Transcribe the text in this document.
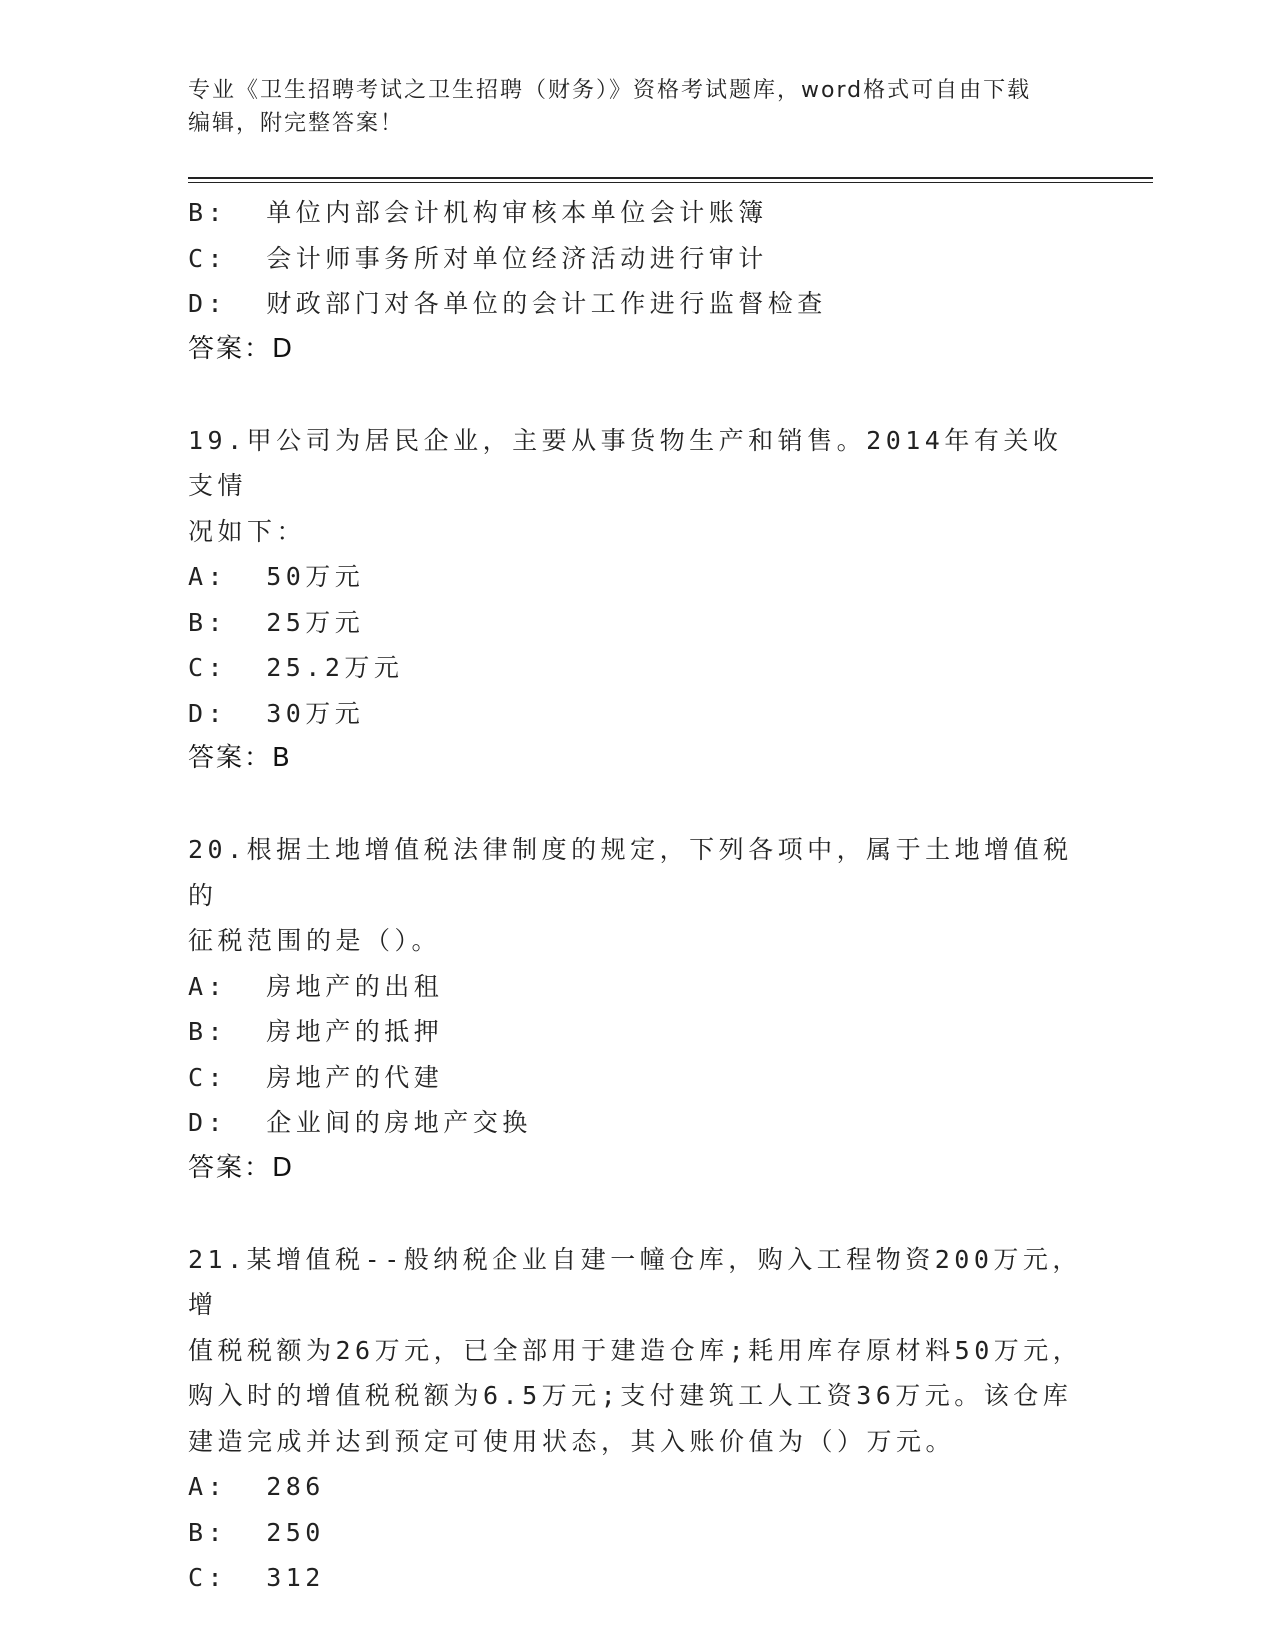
专业《卫生招聘考试之卫生招聘（财务）》资格考试题库，word格式可自由下载
编辑，附完整答案！
B:  单位内部会计机构审核本单位会计账簿
C:  会计师事务所对单位经济活动进行审计
D:  财政部门对各单位的会计工作进行监督检查
答案：D
19.甲公司为居民企业，主要从事货物生产和销售。2014年有关收支情
况如下：
A:  50万元
B:  25万元
C:  25.2万元
D:  30万元
答案：B
20.根据土地增值税法律制度的规定，下列各项中，属于土地增值税的
征税范围的是（）。
A:  房地产的出租
B:  房地产的抵押
C:  房地产的代建
D:  企业间的房地产交换
答案：D
21.某增值税--般纳税企业自建一幢仓库，购入工程物资200万元，增
值税税额为26万元，已全部用于建造仓库;耗用库存原材料50万元，
购入时的增值税税额为6.5万元;支付建筑工人工资36万元。该仓库
建造完成并达到预定可使用状态，其入账价值为（）万元。
A:  286
B:  250
C:  312
